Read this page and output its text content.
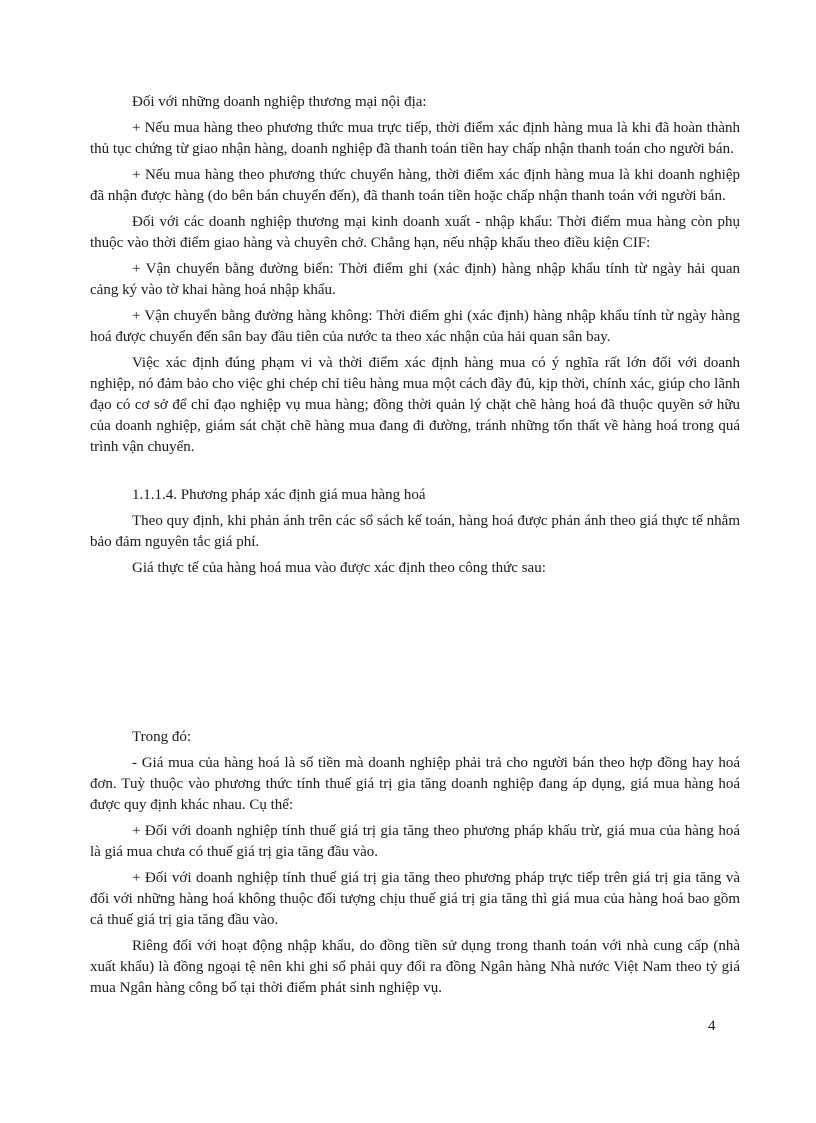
Đối với những doanh nghiệp thương mại nội địa:

+ Nếu mua hàng theo phương thức mua trực tiếp, thời điểm xác định hàng mua là khi đã hoàn thành thủ tục chứng từ giao nhận hàng, doanh nghiệp đã thanh toán tiền hay chấp nhận thanh toán cho người bán.

+ Nếu mua hàng theo phương thức chuyển hàng, thời điểm xác định hàng mua là khi doanh nghiệp đã nhận được hàng (do bên bán chuyển đến), đã thanh toán tiền hoặc chấp nhận thanh toán với người bán.

Đối với các doanh nghiệp thương mại kinh doanh xuất - nhập khẩu: Thời điểm mua hàng còn phụ thuộc vào thời điểm giao hàng và chuyên chở. Chẳng hạn, nếu nhập khẩu theo điều kiện CIF:

+ Vận chuyển bằng đường biển: Thời điểm ghi (xác định) hàng nhập khẩu tính từ ngày hải quan cảng ký vào tờ khai hàng hoá nhập khẩu.

+ Vận chuyển bằng đường hàng không: Thời điểm ghi (xác định) hàng nhập khẩu tính từ ngày hàng hoá được chuyển đến sân bay đầu tiên của nước ta theo xác nhận của hải quan sân bay.

Việc xác định đúng phạm vi và thời điểm xác định hàng mua có ý nghĩa rất lớn đối với doanh nghiệp, nó đảm bảo cho việc ghi chép chỉ tiêu hàng mua một cách đầy đủ, kịp thời, chính xác, giúp cho lãnh đạo có cơ sở để chỉ đạo nghiệp vụ mua hàng; đồng thời quản lý chặt chẽ hàng hoá đã thuộc quyền sở hữu của doanh nghiệp, giám sát chặt chẽ hàng mua đang đi đường, tránh những tổn thất về hàng hoá trong quá trình vận chuyển.

1.1.1.4. Phương pháp xác định giá mua hàng hoá

Theo quy định, khi phản ánh trên các sổ sách kế toán, hàng hoá được phản ánh theo giá thực tế nhằm bảo đảm nguyên tắc giá phí.

Giá thực tế của hàng hoá mua vào được xác định theo công thức sau:

Trong đó:

- Giá mua của hàng hoá là số tiền mà doanh nghiệp phải trả cho người bán theo hợp đồng hay hoá đơn. Tuỳ thuộc vào phương thức tính thuế giá trị gia tăng doanh nghiệp đang áp dụng, giá mua hàng hoá được quy định khác nhau. Cụ thể:

+ Đối với doanh nghiệp tính thuế giá trị gia tăng theo phương pháp khấu trừ, giá mua của hàng hoá là giá mua chưa có thuế giá trị gia tăng đầu vào.

+ Đối với doanh nghiệp tính thuế giá trị gia tăng theo phương pháp trực tiếp trên giá trị gia tăng và đối với những hàng hoá không thuộc đối tượng chịu thuế giá trị gia tăng thì giá mua của hàng hoá bao gồm cả thuế giá trị gia tăng đầu vào.

Riêng đối với hoạt động nhập khẩu, do đồng tiền sử dụng trong thanh toán với nhà cung cấp (nhà xuất khẩu) là đồng ngoại tệ nên khi ghi sổ phải quy đổi ra đồng Ngân hàng Nhà nước Việt Nam theo tỷ giá mua Ngân hàng công bố tại thời điểm phát sinh nghiệp vụ.

4
